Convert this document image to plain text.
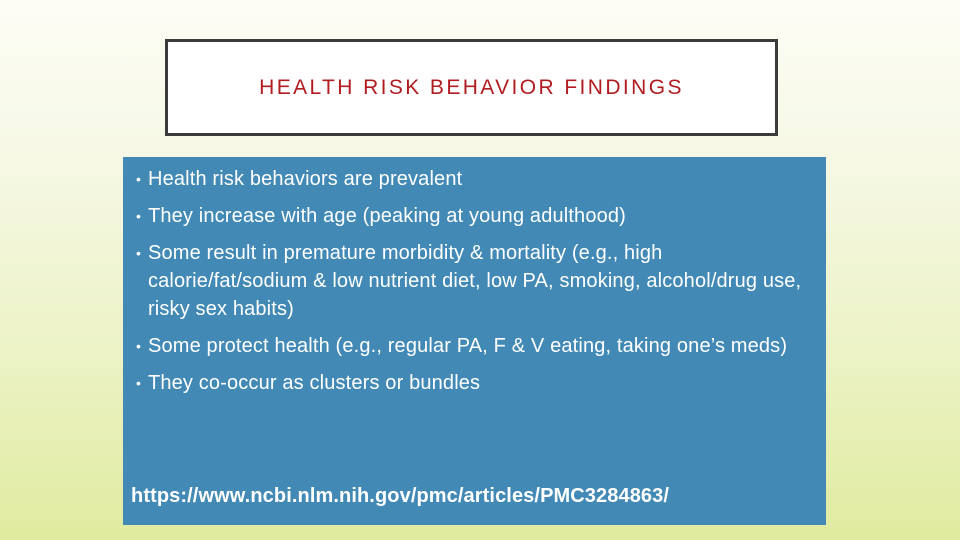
HEALTH RISK BEHAVIOR FINDINGS
• Health risk behaviors are prevalent
• They increase with age (peaking at young adulthood)
• Some result in premature morbidity & mortality (e.g., high calorie/fat/sodium & low nutrient diet, low PA, smoking, alcohol/drug use, risky sex habits)
• Some protect health (e.g., regular PA, F & V eating, taking one’s meds)
• They co-occur as clusters or bundles
https://www.ncbi.nlm.nih.gov/pmc/articles/PMC3284863/
